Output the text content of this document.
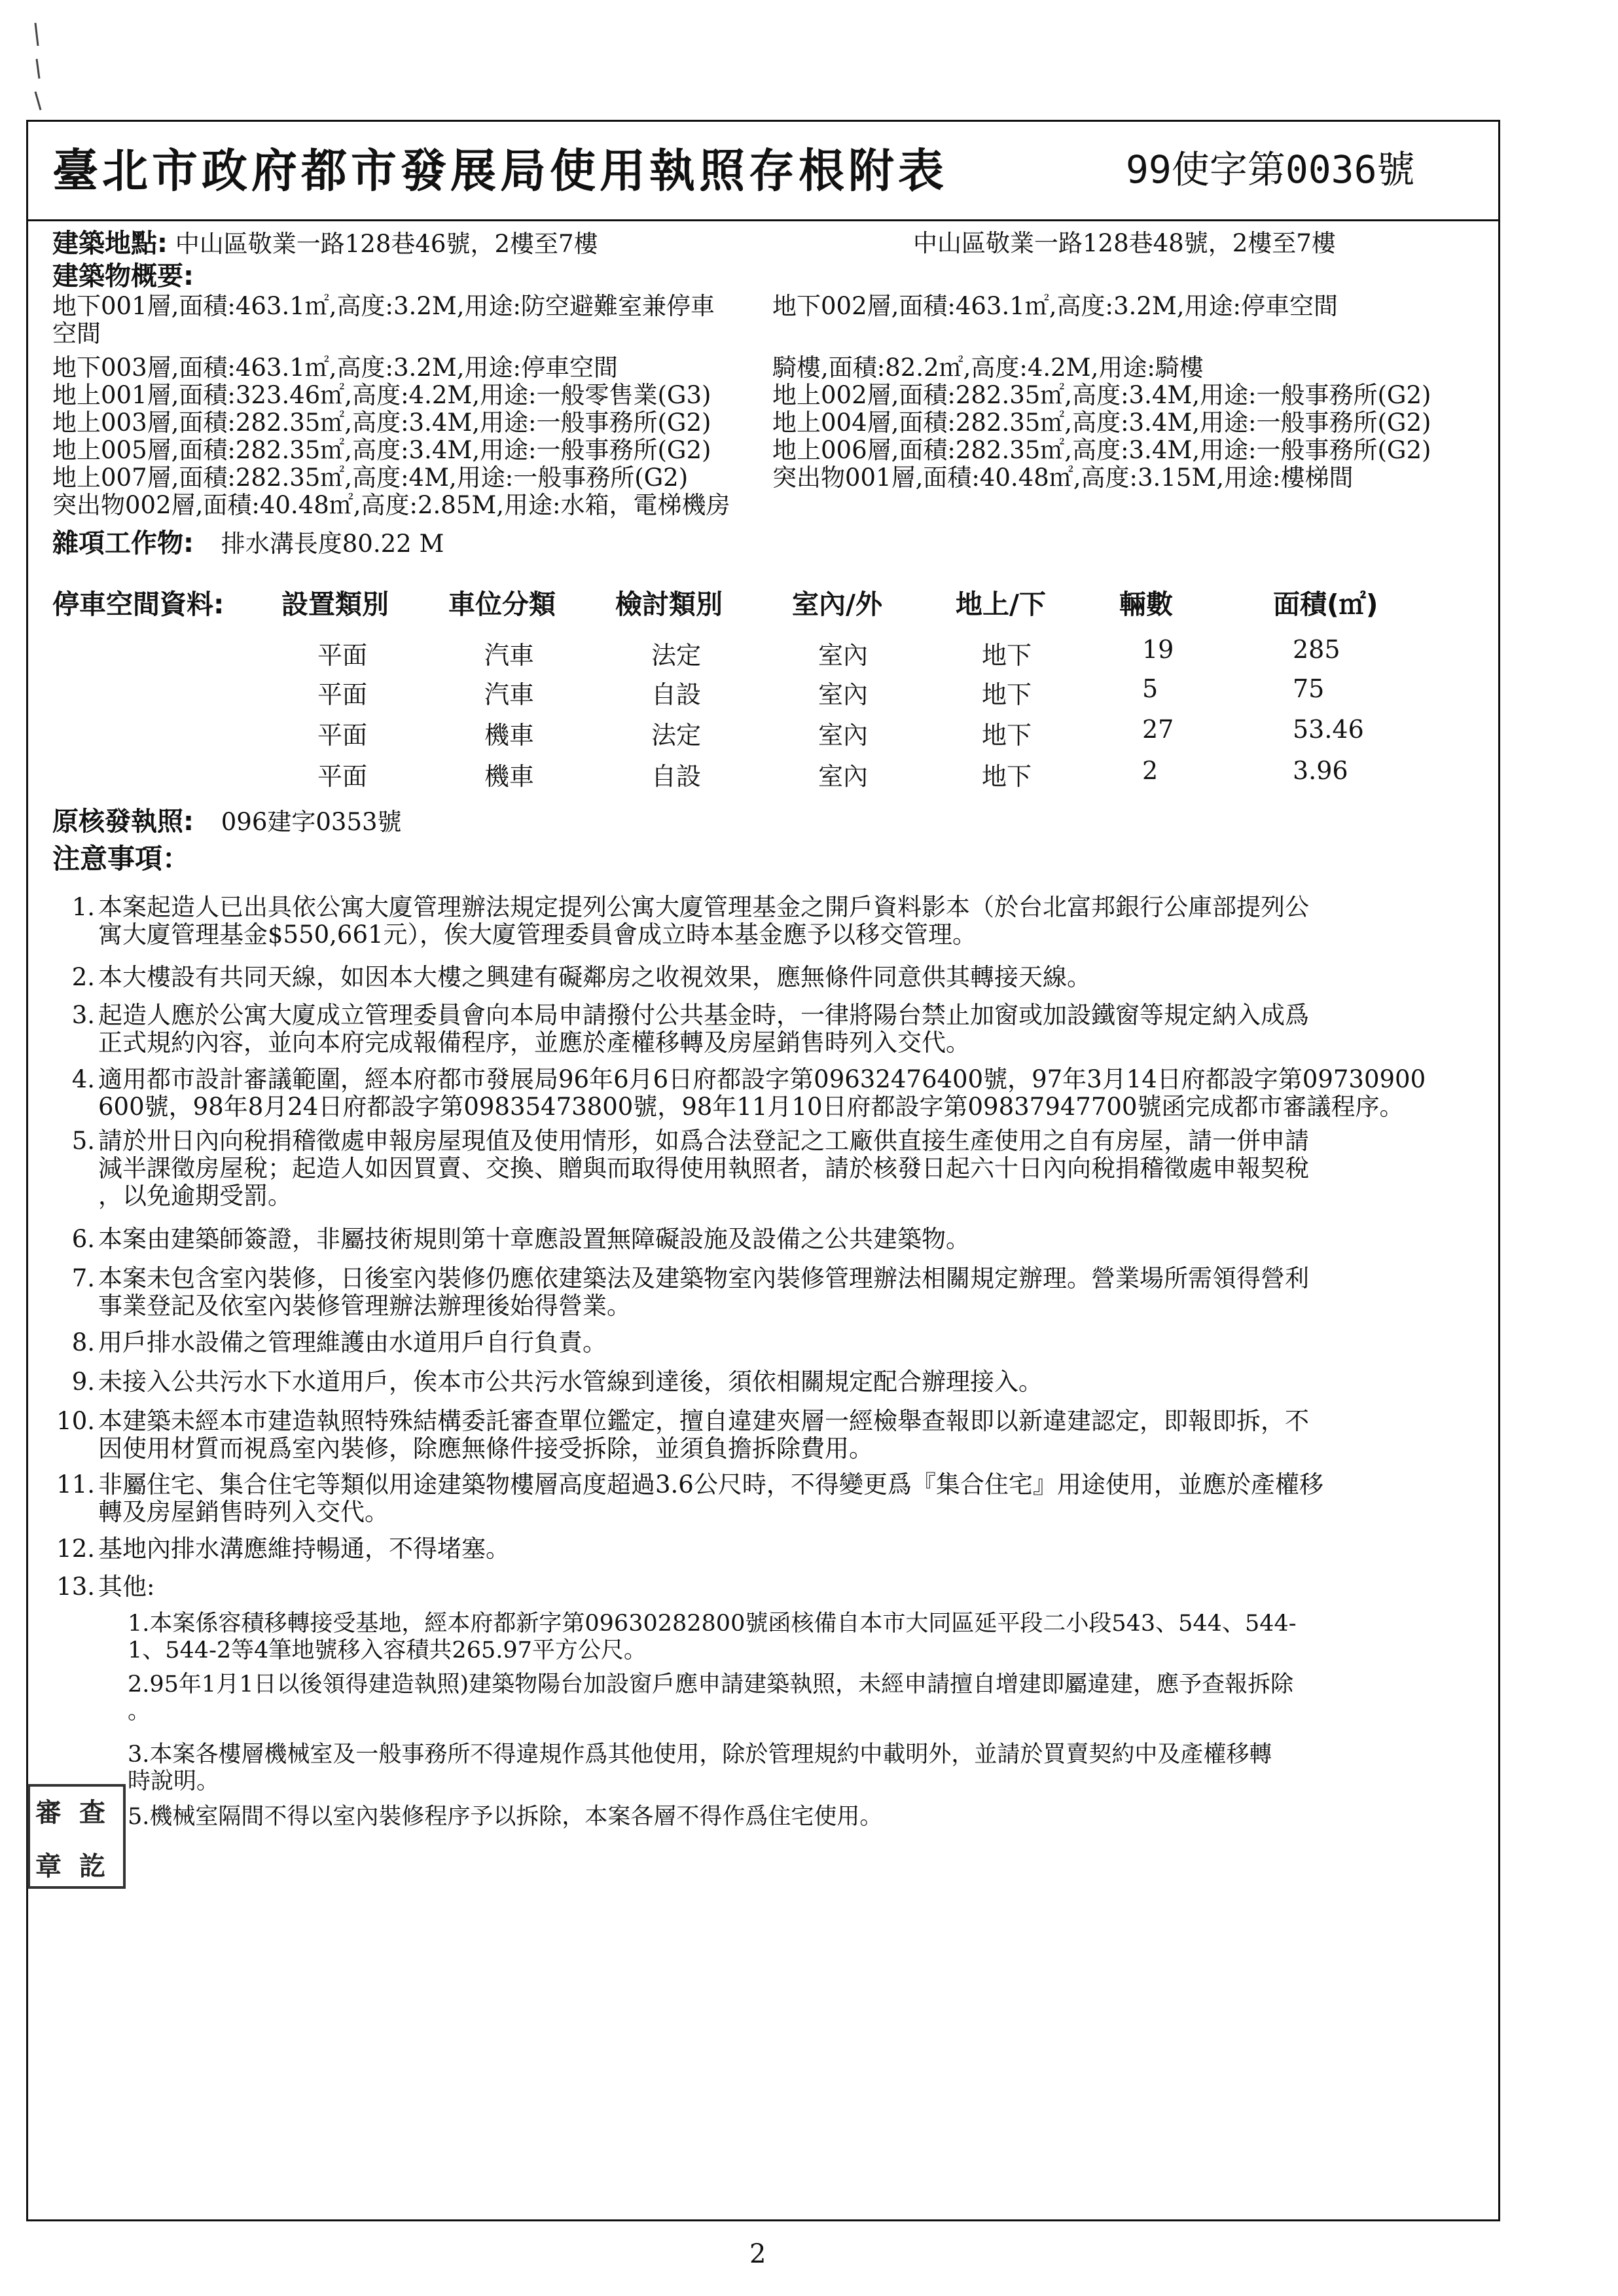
臺北市政府都市發展局使用執照存根附表	99使字第0036號
建築地點: 中山區敬業一路128巷46號，2樓至7樓	中山區敬業一路128巷48號，2樓至7樓
建築物概要:
地下001層,面積:463.1㎡,高度:3.2M,用途:防空避難室兼停車
空間
地下003層,面積:463.1㎡,高度:3.2M,用途:停車空間
地上001層,面積:323.46㎡,高度:4.2M,用途:一般零售業(G3)
地上003層,面積:282.35㎡,高度:3.4M,用途:一般事務所(G2)
地上005層,面積:282.35㎡,高度:3.4M,用途:一般事務所(G2)
地上007層,面積:282.35㎡,高度:4M,用途:一般事務所(G2)
突出物002層,面積:40.48㎡,高度:2.85M,用途:水箱，電梯機房
地下002層,面積:463.1㎡,高度:3.2M,用途:停車空間
騎樓,面積:82.2㎡,高度:4.2M,用途:騎樓
地上002層,面積:282.35㎡,高度:3.4M,用途:一般事務所(G2)
地上004層,面積:282.35㎡,高度:3.4M,用途:一般事務所(G2)
地上006層,面積:282.35㎡,高度:3.4M,用途:一般事務所(G2)
突出物001層,面積:40.48㎡,高度:3.15M,用途:樓梯間
雜項工作物: 排水溝長度80.22 M
停車空間資料: 設置類別 車位分類 檢討類別	室內/外	地上/下	輛數	面積(㎡)
平面	汽車	法定	室內	地下	19	285
平面	汽車	自設	室內	地下	5	75
平面	機車	法定	室內	地下	27	53.46
平面	機車	自設	室內	地下	2	3.96
原核發執照: 096建字0353號
注意事項：
1. 本案起造人已出具依公寓大廈管理辦法規定提列公寓大廈管理基金之開戶資料影本（於台北富邦銀行公庫部提列公
寓大廈管理基金$550,661元），俟大廈管理委員會成立時本基金應予以移交管理。
2. 本大樓設有共同天線，如因本大樓之興建有礙鄰房之收視效果，應無條件同意供其轉接天線。
3. 起造人應於公寓大廈成立管理委員會向本局申請撥付公共基金時，一律將陽台禁止加窗或加設鐵窗等規定納入成爲
正式規約內容，並向本府完成報備程序，並應於產權移轉及房屋銷售時列入交代。
4. 適用都市設計審議範圍，經本府都市發展局96年6月6日府都設字第09632476400號，97年3月14日府都設字第09730900
600號，98年8月24日府都設字第09835473800號，98年11月10日府都設字第09837947700號函完成都市審議程序。
5. 請於卅日內向稅捐稽徵處申報房屋現值及使用情形，如爲合法登記之工廠供直接生產使用之自有房屋，請一併申請
減半課徵房屋稅；起造人如因買賣、交換、贈與而取得使用執照者，請於核發日起六十日內向稅捐稽徵處申報契稅
，以免逾期受罰。
6. 本案由建築師簽證，非屬技術規則第十章應設置無障礙設施及設備之公共建築物。
7. 本案未包含室內裝修，日後室內裝修仍應依建築法及建築物室內裝修管理辦法相關規定辦理。營業場所需領得營利
事業登記及依室內裝修管理辦法辦理後始得營業。
8. 用戶排水設備之管理維護由水道用戶自行負責。
9. 未接入公共污水下水道用戶，俟本市公共污水管線到達後，須依相關規定配合辦理接入。
10. 本建築未經本市建造執照特殊結構委託審查單位鑑定，擅自違建夾層一經檢舉查報即以新違建認定，即報即拆，不
因使用材質而視爲室內裝修，除應無條件接受拆除，並須負擔拆除費用。
11. 非屬住宅、集合住宅等類似用途建築物樓層高度超過3.6公尺時，不得變更爲『集合住宅』用途使用，並應於產權移
轉及房屋銷售時列入交代。
12. 基地內排水溝應維持暢通，不得堵塞。
13. 其他:
1.本案係容積移轉接受基地，經本府都新字第09630282800號函核備自本市大同區延平段二小段543、544、544-
1、544-2等4筆地號移入容積共265.97平方公尺。
2.95年1月1日以後領得建造執照)建築物陽台加設窗戶應申請建築執照，未經申請擅自增建即屬違建，應予查報拆除
。
3.本案各樓層機械室及一般事務所不得違規作爲其他使用，除於管理規約中載明外，並請於買賣契約中及產權移轉
時說明。
5.機械室隔間不得以室內裝修程序予以拆除，本案各層不得作爲住宅使用。
審 查
章 訖
2
